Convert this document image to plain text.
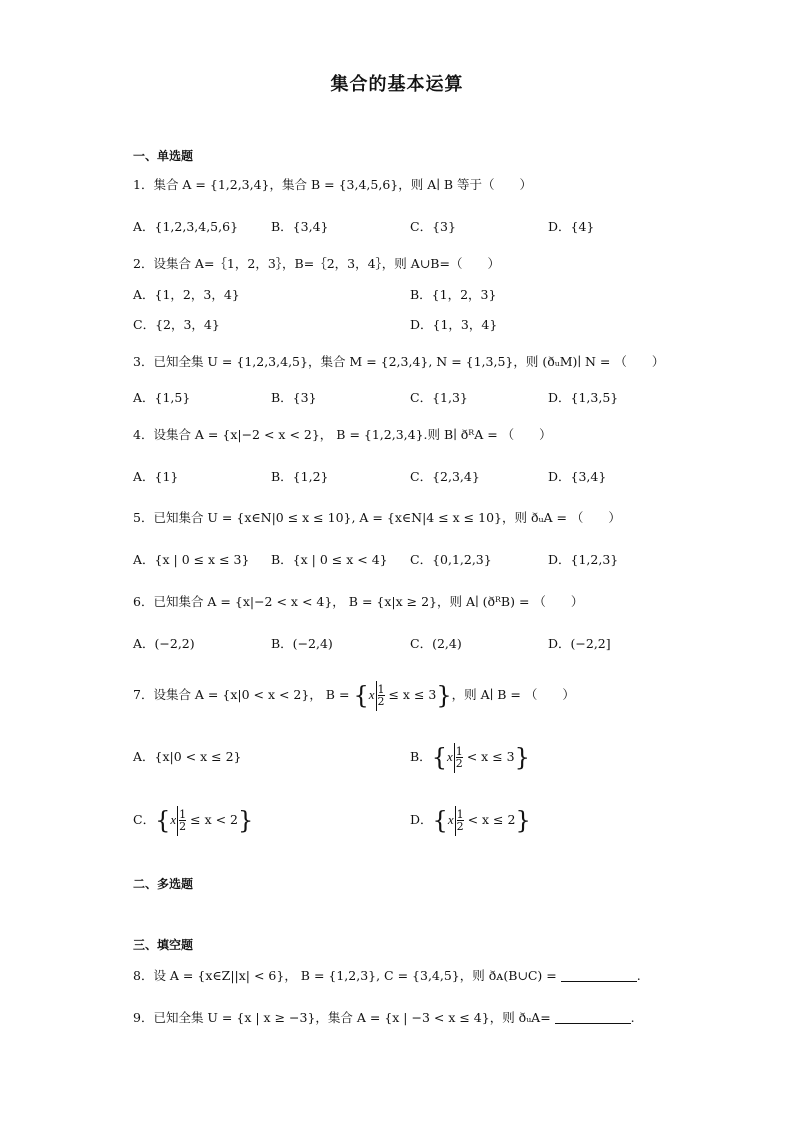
集合的基本运算
一、单选题
1．集合 A = {1,2,3,4}，集合 B = {3,4,5,6}，则 A∣ B 等于（　　）
A．{1,2,3,4,5,6}	B．{3,4}	C．{3}	D．{4}
2．设集合 A=｛1，2，3｝，B=｛2，3，4｝，则 A∪B=（　　）
A．{1，2，3，4}	B．{1，2，3}
C．{2，3，4}	D．{1，3，4}
3．已知全集 U = {1,2,3,4,5}，集合 M = {2,3,4}, N = {1,3,5}，则 (ðᵤM)∣ N = （　　）
A．{1,5}	B．{3}	C．{1,3}	D．{1,3,5}
4．设集合 A = {x|−2 < x < 2}， B = {1,2,3,4}.则 B∣ ðᴿA = （　　）
A．{1}	B．{1,2}	C．{2,3,4}	D．{3,4}
5．已知集合 U = {x∈N|0 ≤ x ≤ 10}, A = {x∈N|4 ≤ x ≤ 10}，则 ðᵤA = （　　）
A．{x | 0 ≤ x ≤ 3} B．{x | 0 ≤ x < 4} C．{0,1,2,3}	D．{1,2,3}
6．已知集合 A = {x|−2 < x < 4}， B = {x|x ≥ 2}，则 A∣ (ðᴿB) = （　　）
A．(−2,2)	B．(−2,4)	C．(2,4)	D．(−2,2]
7．设集合 A = {x|0 < x < 2}， $B = \{x \frac{1}{2} \le x \le 3\}$，则 A∣ B = （　　）
A．{x|0 < x ≤ 2}	B．$\{x \frac{1}{2} < x \le 3\}$
C．$\{x \frac{1}{2} \le x < 2\}$	D．$\{x \frac{1}{2} < x \le 2\}$
二、多选题
三、填空题
8．设 A = {x∈Z||x| < 6}， B = {1,2,3}, C = {3,4,5}，则 ðᴀ(B∪C) =	.
9．已知全集 U = {x | x ≥ −3}，集合 A = {x | −3 < x ≤ 4}，则 ðᵤA=	.
